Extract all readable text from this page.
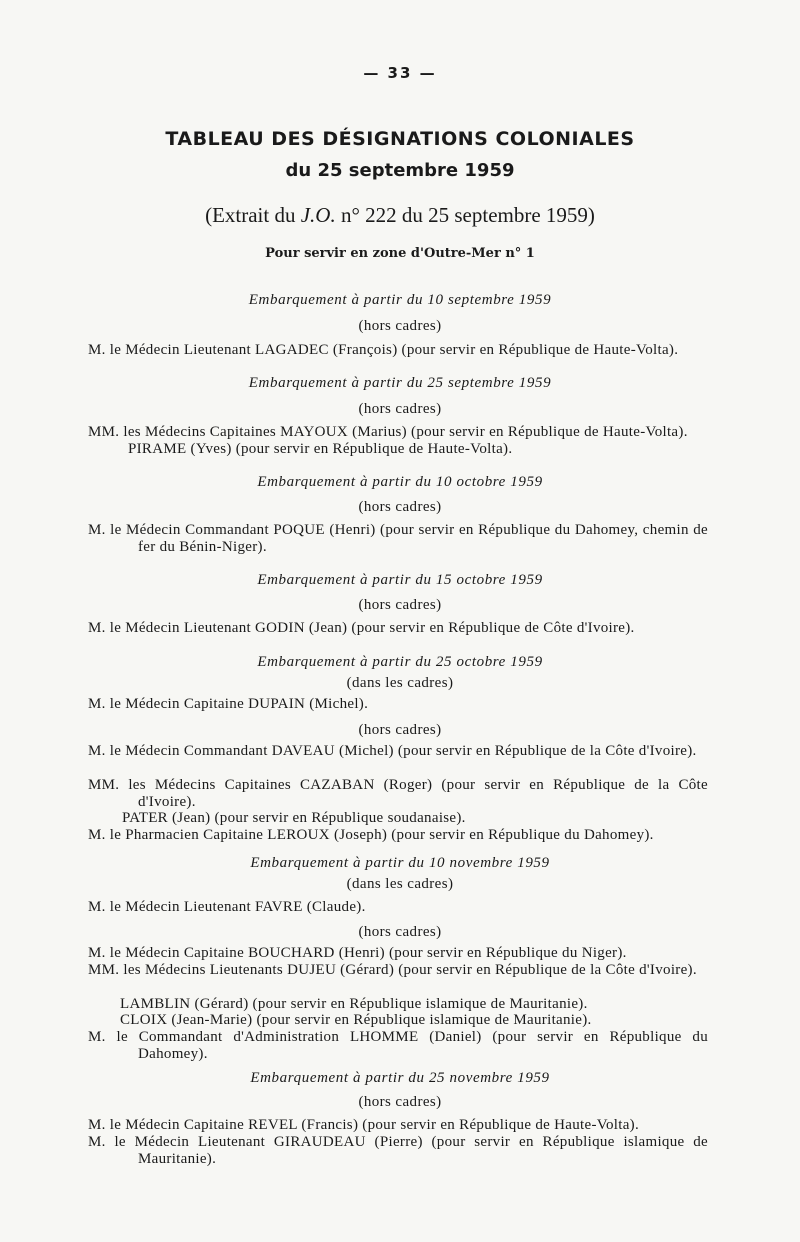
— 33 —
TABLEAU DES DÉSIGNATIONS COLONIALES
du 25 septembre 1959
(Extrait du J.O. n° 222 du 25 septembre 1959)
Pour servir en zone d'Outre-Mer n° 1
Embarquement à partir du 10 septembre 1959
(hors cadres)
M. le Médecin Lieutenant LAGADEC (François) (pour servir en République de Haute-Volta).
Embarquement à partir du 25 septembre 1959
(hors cadres)
MM. les Médecins Capitaines MAYOUX (Marius) (pour servir en République de Haute-Volta).
PIRAME (Yves) (pour servir en République de Haute-Volta).
Embarquement à partir du 10 octobre 1959
(hors cadres)
M. le Médecin Commandant POQUE (Henri) (pour servir en République du Dahomey, chemin de fer du Bénin-Niger).
Embarquement à partir du 15 octobre 1959
(hors cadres)
M. le Médecin Lieutenant GODIN (Jean) (pour servir en République de Côte d'Ivoire).
Embarquement à partir du 25 octobre 1959
(dans les cadres)
M. le Médecin Capitaine DUPAIN (Michel).
(hors cadres)
M. le Médecin Commandant DAVEAU (Michel) (pour servir en République de la Côte d'Ivoire).
MM. les Médecins Capitaines CAZABAN (Roger) (pour servir en République de la Côte d'Ivoire).
PATER (Jean) (pour servir en République soudanaise).
M. le Pharmacien Capitaine LEROUX (Joseph) (pour servir en République du Dahomey).
Embarquement à partir du 10 novembre 1959
(dans les cadres)
M. le Médecin Lieutenant FAVRE (Claude).
(hors cadres)
M. le Médecin Capitaine BOUCHARD (Henri) (pour servir en République du Niger).
MM. les Médecins Lieutenants DUJEU (Gérard) (pour servir en République de la Côte d'Ivoire).
LAMBLIN (Gérard) (pour servir en République islamique de Mauritanie).
CLOIX (Jean-Marie) (pour servir en République islamique de Mauritanie).
M. le Commandant d'Administration LHOMME (Daniel) (pour servir en République du Dahomey).
Embarquement à partir du 25 novembre 1959
(hors cadres)
M. le Médecin Capitaine REVEL (Francis) (pour servir en République de Haute-Volta).
M. le Médecin Lieutenant GIRAUDEAU (Pierre) (pour servir en République islamique de Mauritanie).
